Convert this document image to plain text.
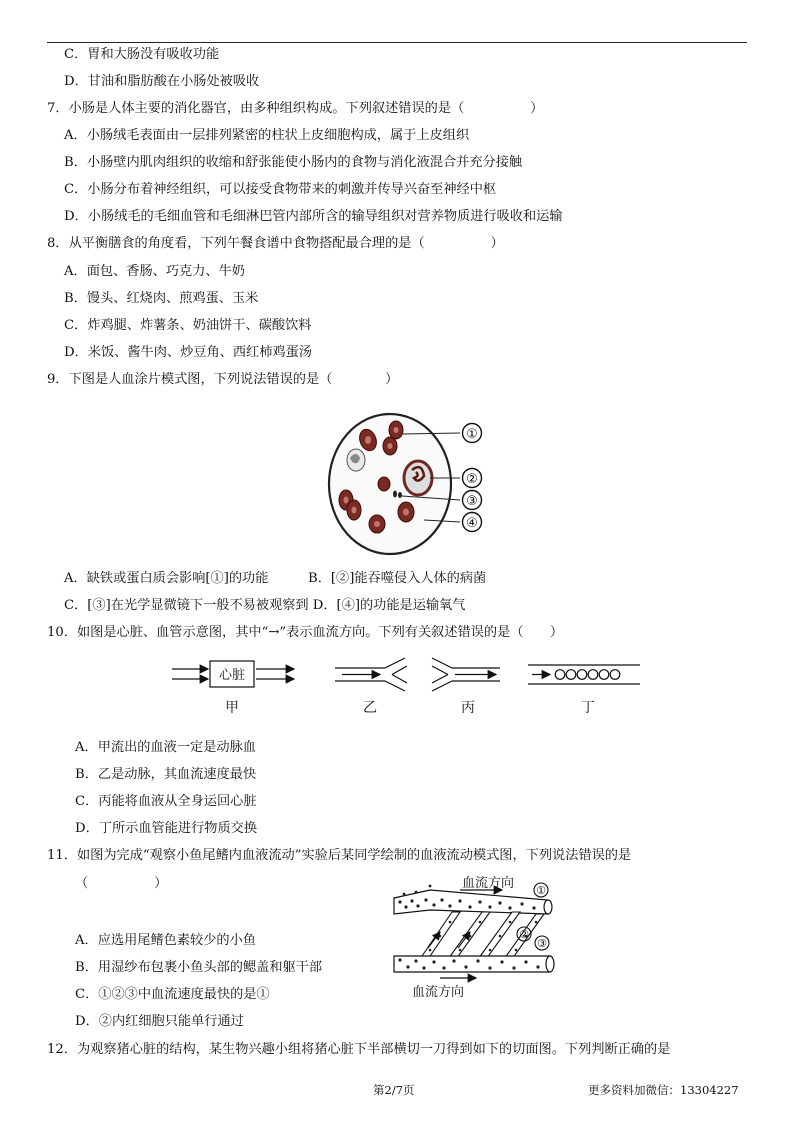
C．胃和大肠没有吸收功能
D．甘油和脂肪酸在小肠处被吸收
7．小肠是人体主要的消化器官，由多种组织构成。下列叙述错误的是（　　　　　）
A．小肠绒毛表面由一层排列紧密的柱状上皮细胞构成，属于上皮组织
B．小肠壁内肌肉组织的收缩和舒张能使小肠内的食物与消化液混合并充分接触
C．小肠分布着神经组织，可以接受食物带来的刺激并传导兴奋至神经中枢
D．小肠绒毛的毛细血管和毛细淋巴管内部所含的输导组织对营养物质进行吸收和运输
8．从平衡膳食的角度看，下列午餐食谱中食物搭配最合理的是（　　　　　）
A．面包、香肠、巧克力、牛奶
B．馒头、红烧肉、煎鸡蛋、玉米
C．炸鸡腿、炸薯条、奶油饼干、碳酸饮料
D．米饭、酱牛肉、炒豆角、西红柿鸡蛋汤
9．下图是人血涂片模式图，下列说法错误的是（　　　　）
①
②
③
④
A．缺铁或蛋白质会影响[①]的功能　　　B．[②]能吞噬侵入人体的病菌
C．[③]在光学显微镜下一般不易被观察到 D．[④]的功能是运输氧气
10．如图是心脏、血管示意图，其中“→”表示血流方向。下列有关叙述错误的是（　　）
心脏
甲	乙	丙	丁
A．甲流出的血液一定是动脉血
B．乙是动脉，其血流速度最快
C．丙能将血液从全身运回心脏
D．丁所示血管能进行物质交换
11．如图为完成“观察小鱼尾鳍内血液流动”实验后某同学绘制的血液流动模式图，下列说法错误的是
（　　　　　）	血流方向
血流方向
①
②
③
A．应选用尾鳍色素较少的小鱼
B．用湿纱布包裹小鱼头部的鳃盖和躯干部
C．①②③中血流速度最快的是①
D．②内红细胞只能单行通过
12．为观察猪心脏的结构，某生物兴趣小组将猪心脏下半部横切一刀得到如下的切面图。下列判断正确的是
第2/7页	更多资料加微信：13304227
